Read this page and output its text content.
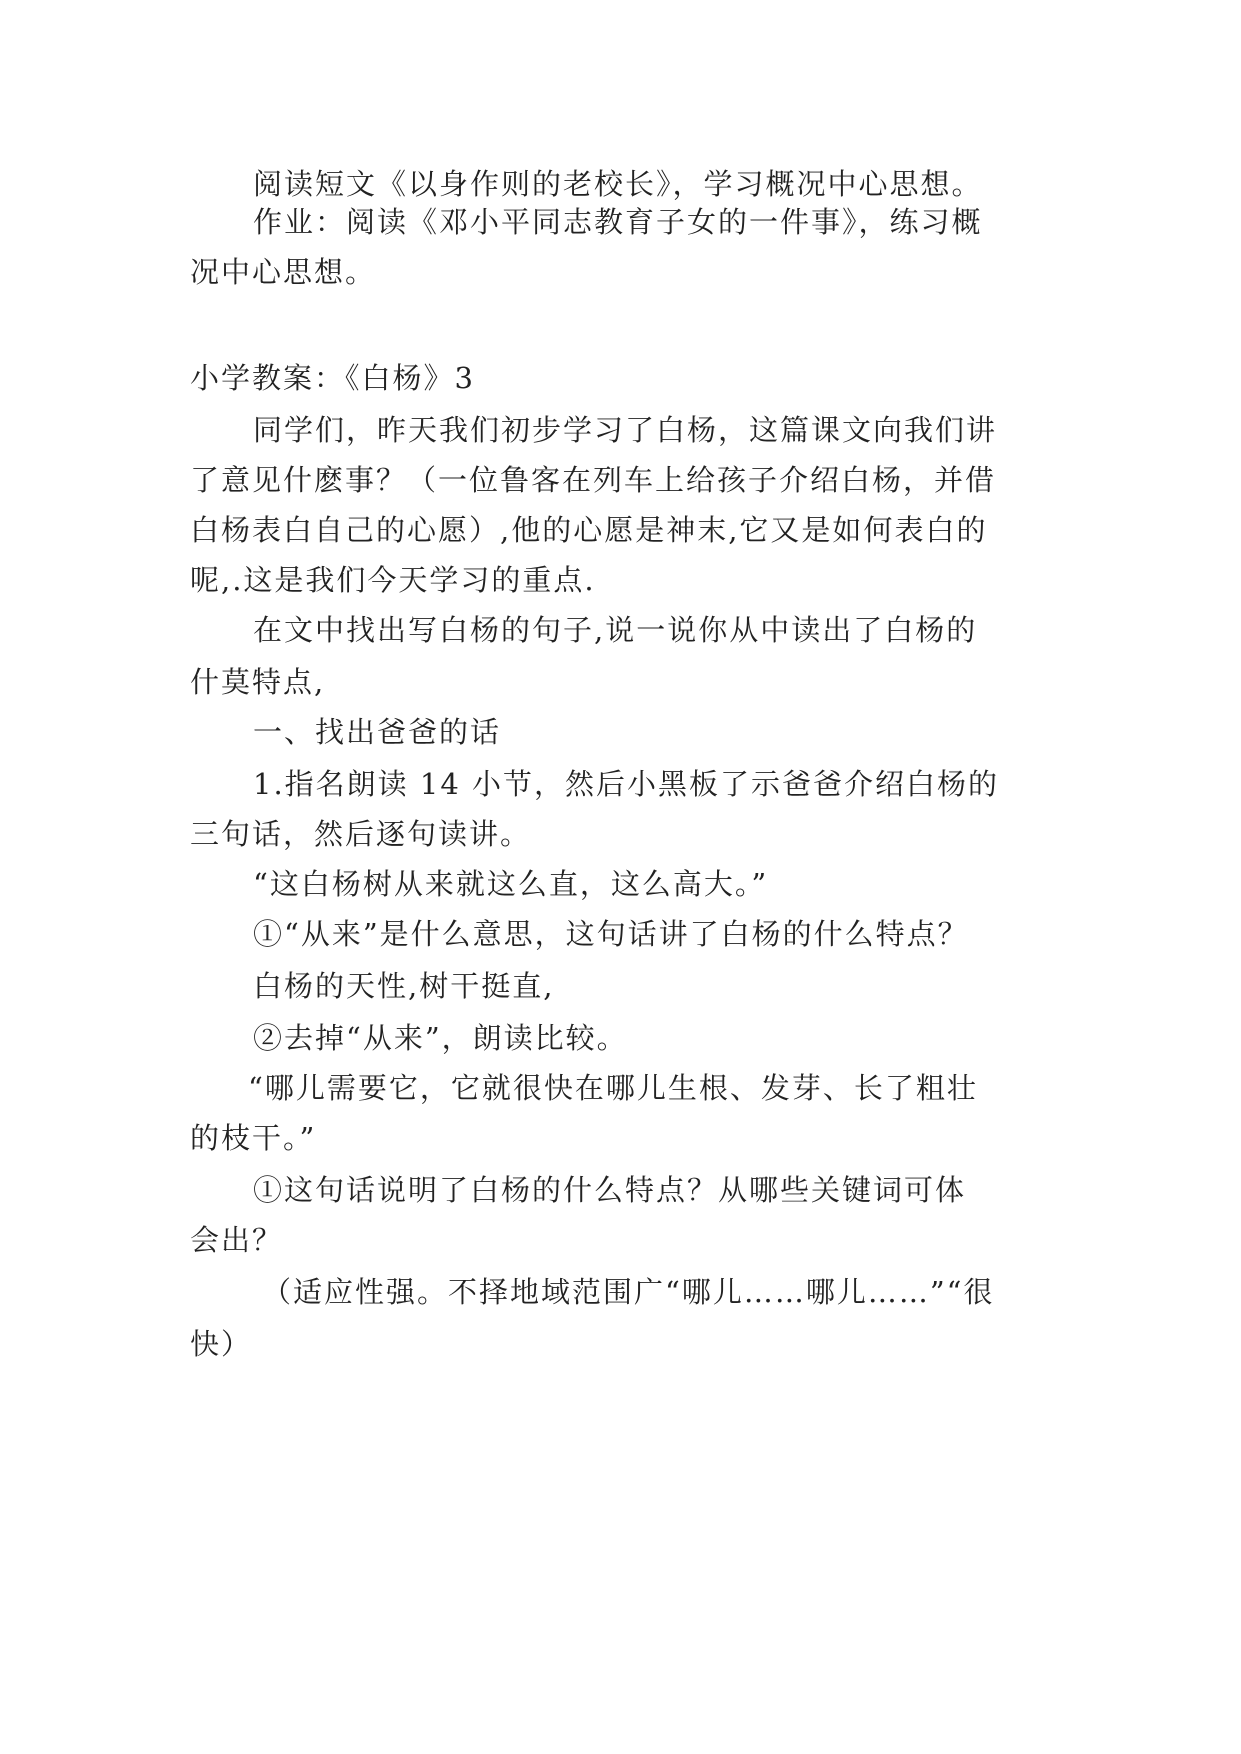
阅读短文《以身作则的老校长》，学习概况中心思想。
作业：阅读《邓小平同志教育子女的一件事》，练习概
况中心思想。
小学教案：《白杨》3
同学们，昨天我们初步学习了白杨，这篇课文向我们讲
了意见什麽事？（一位鲁客在列车上给孩子介绍白杨，并借
白杨表白自己的心愿）,他的心愿是神末,它又是如何表白的
呢,.这是我们今天学习的重点.
在文中找出写白杨的句子,说一说你从中读出了白杨的
什莫特点,
一、找出爸爸的话
1.指名朗读 14 小节，然后小黑板了示爸爸介绍白杨的
三句话，然后逐句读讲。
“这白杨树从来就这么直，这么高大。”
①“从来”是什么意思，这句话讲了白杨的什么特点？
白杨的天性,树干挺直,
②去掉“从来”，朗读比较。
“哪儿需要它，它就很快在哪儿生根、发芽、长了粗壮
的枝干。”
①这句话说明了白杨的什么特点？从哪些关键词可体
会出？
（适应性强。不择地域范围广“哪儿……哪儿……”“很
快）
